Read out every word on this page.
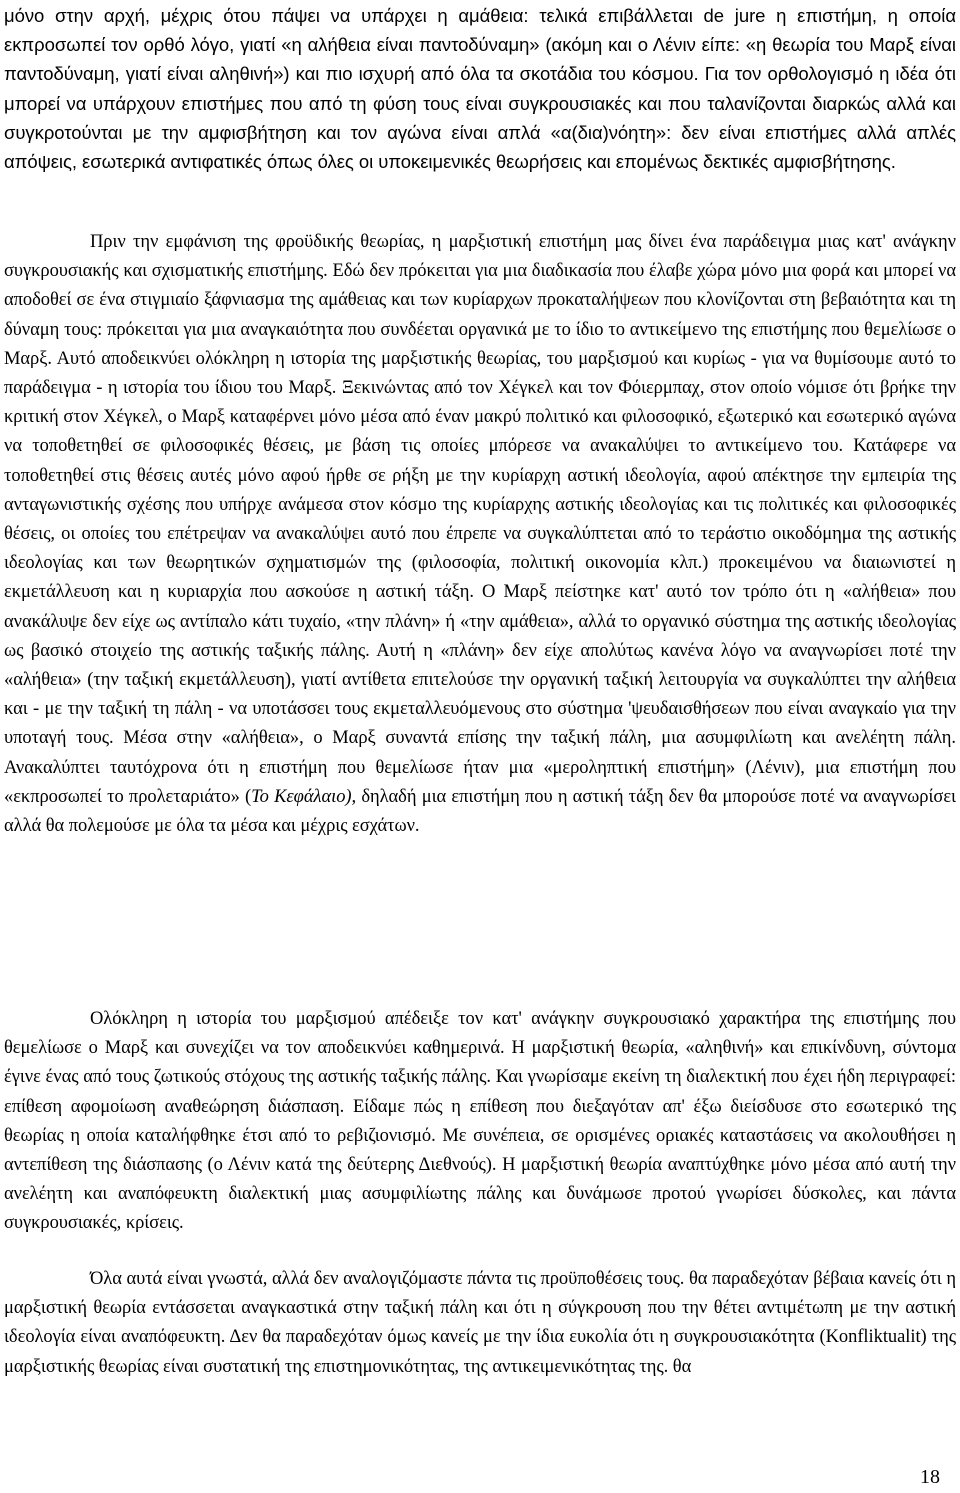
μόνο στην αρχή, μέχρις ότου πάψει να υπάρχει η αμάθεια: τελικά επιβάλλεται de jure η επιστήμη, η οποία εκπροσωπεί τον ορθό λόγο, γιατί «η αλήθεια είναι παντοδύναμη» (ακόμη και ο Λένιν είπε: «η θεωρία του Μαρξ είναι παντοδύναμη, γιατί είναι αληθινή») και πιο ισχυρή από όλα τα σκοτάδια του κόσμου. Για τον ορθολογισμό η ιδέα ότι μπορεί να υπάρχουν επιστήμες που από τη φύση τους είναι συγκρουσιακές και που ταλανίζονται διαρκώς αλλά και συγκροτούνται με την αμφισβήτηση και τον αγώνα είναι απλά «α(δια)νόητη»: δεν είναι επιστήμες αλλά απλές απόψεις, εσωτερικά αντιφατικές όπως όλες οι υποκειμενικές θεωρήσεις και επομένως δεκτικές αμφισβήτησης.

Πριν την εμφάνιση της φροϋδικής θεωρίας, η μαρξιστική επιστήμη μας δίνει ένα παράδειγμα μιας κατ' ανάγκην συγκρουσιακής και σχισματικής επιστήμης. Εδώ δεν πρόκειται για μια διαδικασία που έλαβε χώρα μόνο μια φορά και μπορεί να αποδοθεί σε ένα στιγμιαίο ξάφνιασμα της αμάθειας και των κυρίαρχων προκαταλήψεων που κλονίζονται στη βεβαιότητα και τη δύναμη τους: πρόκειται για μια αναγκαιότητα που συνδέεται οργανικά με το ίδιο το αντικείμενο της επιστήμης που θεμελίωσε ο Μαρξ. Αυτό αποδεικνύει ολόκληρη η ιστορία της μαρξιστικής θεωρίας, του μαρξισμού και κυρίως - για να θυμίσουμε αυτό το παράδειγμα - η ιστορία του ίδιου του Μαρξ. Ξεκινώντας από τον Χέγκελ και τον Φόιερμπαχ, στον οποίο νόμισε ότι βρήκε την κριτική στον Χέγκελ, ο Μαρξ καταφέρνει μόνο μέσα από έναν μακρύ πολιτικό και φιλοσοφικό, εξωτερικό και εσωτερικό αγώνα να τοποθετηθεί σε φιλοσοφικές θέσεις, με βάση τις οποίες μπόρεσε να ανακαλύψει το αντικείμενο του. Κατάφερε να τοποθετηθεί στις θέσεις αυτές μόνο αφού ήρθε σε ρήξη με την κυρίαρχη αστική ιδεολογία, αφού απέκτησε την εμπειρία της ανταγωνιστικής σχέσης που υπήρχε ανάμεσα στον κόσμο της κυρίαρχης αστικής ιδεολογίας και τις πολιτικές και φιλοσοφικές θέσεις, οι οποίες του επέτρεψαν να ανακαλύψει αυτό που έπρεπε να συγκαλύπτεται από το τεράστιο οικοδόμημα της αστικής ιδεολογίας και των θεωρητικών σχηματισμών της (φιλοσοφία, πολιτική οικονομία κλπ.) προκειμένου να διαιωνιστεί η εκμετάλλευση και η κυριαρχία που ασκούσε η αστική τάξη. Ο Μαρξ πείστηκε κατ' αυτό τον τρόπο ότι η «αλήθεια» που ανακάλυψε δεν είχε ως αντίπαλο κάτι τυχαίο, «την πλάνη» ή «την αμάθεια», αλλά το οργανικό σύστημα της αστικής ιδεολογίας ως βασικό στοιχείο της αστικής ταξικής πάλης. Αυτή η «πλάνη» δεν είχε απολύτως κανένα λόγο να αναγνωρίσει ποτέ την «αλήθεια» (την ταξική εκμετάλλευση), γιατί αντίθετα επιτελούσε την οργανική ταξική λειτουργία να συγκαλύπτει την αλήθεια και - με την ταξική τη πάλη - να υποτάσσει τους εκμεταλλευόμενους στο σύστημα 'ψευδαισθήσεων που είναι αναγκαίο για την υποταγή τους. Μέσα στην «αλήθεια», ο Μαρξ συναντά επίσης την ταξική πάλη, μια ασυμφιλίωτη και ανελέητη πάλη. Ανακαλύπτει ταυτόχρονα ότι η επιστήμη που θεμελίωσε ήταν μια «μεροληπτική επιστήμη» (Λένιν), μια επιστήμη που «εκπροσωπεί το προλεταριάτο» (Το Κεφάλαιο), δηλαδή μια επιστήμη που η αστική τάξη δεν θα μπορούσε ποτέ να αναγνωρίσει αλλά θα πολεμούσε με όλα τα μέσα και μέχρις εσχάτων.

Ολόκληρη η ιστορία του μαρξισμού απέδειξε τον κατ' ανάγκην συγκρουσιακό χαρακτήρα της επιστήμης που θεμελίωσε ο Μαρξ και συνεχίζει να τον αποδεικνύει καθημερινά. Η μαρξιστική θεωρία, «αληθινή» και επικίνδυνη, σύντομα έγινε ένας από τους ζωτικούς στόχους της αστικής ταξικής πάλης. Και γνωρίσαμε εκείνη τη διαλεκτική που έχει ήδη περιγραφεί: επίθεση αφομοίωση αναθεώρηση διάσπαση. Είδαμε πώς η επίθεση που διεξαγόταν απ' έξω διείσδυσε στο εσωτερικό της θεωρίας η οποία καταλήφθηκε έτσι από το ρεβιζιονισμό. Με συνέπεια, σε ορισμένες οριακές καταστάσεις να ακολουθήσει η αντεπίθεση της διάσπασης (ο Λένιν κατά της δεύτερης Διεθνούς). Η μαρξιστική θεωρία αναπτύχθηκε μόνο μέσα από αυτή την ανελέητη και αναπόφευκτη διαλεκτική μιας ασυμφιλίωτης πάλης και δυνάμωσε προτού γνωρίσει δύσκολες, και πάντα συγκρουσιακές, κρίσεις.

Όλα αυτά είναι γνωστά, αλλά δεν αναλογιζόμαστε πάντα τις προϋποθέσεις τους. θα παραδεχόταν βέβαια κανείς ότι η μαρξιστική θεωρία εντάσσεται αναγκαστικά στην ταξική πάλη και ότι η σύγκρουση που την θέτει αντιμέτωπη με την αστική ιδεολογία είναι αναπόφευκτη. Δεν θα παραδεχόταν όμως κανείς με την ίδια ευκολία ότι η συγκρουσιακότητα (Konfliktualit) της μαρξιστικής θεωρίας είναι συστατική της επιστημονικότητας, της αντικειμενικότητας της. θα

18
